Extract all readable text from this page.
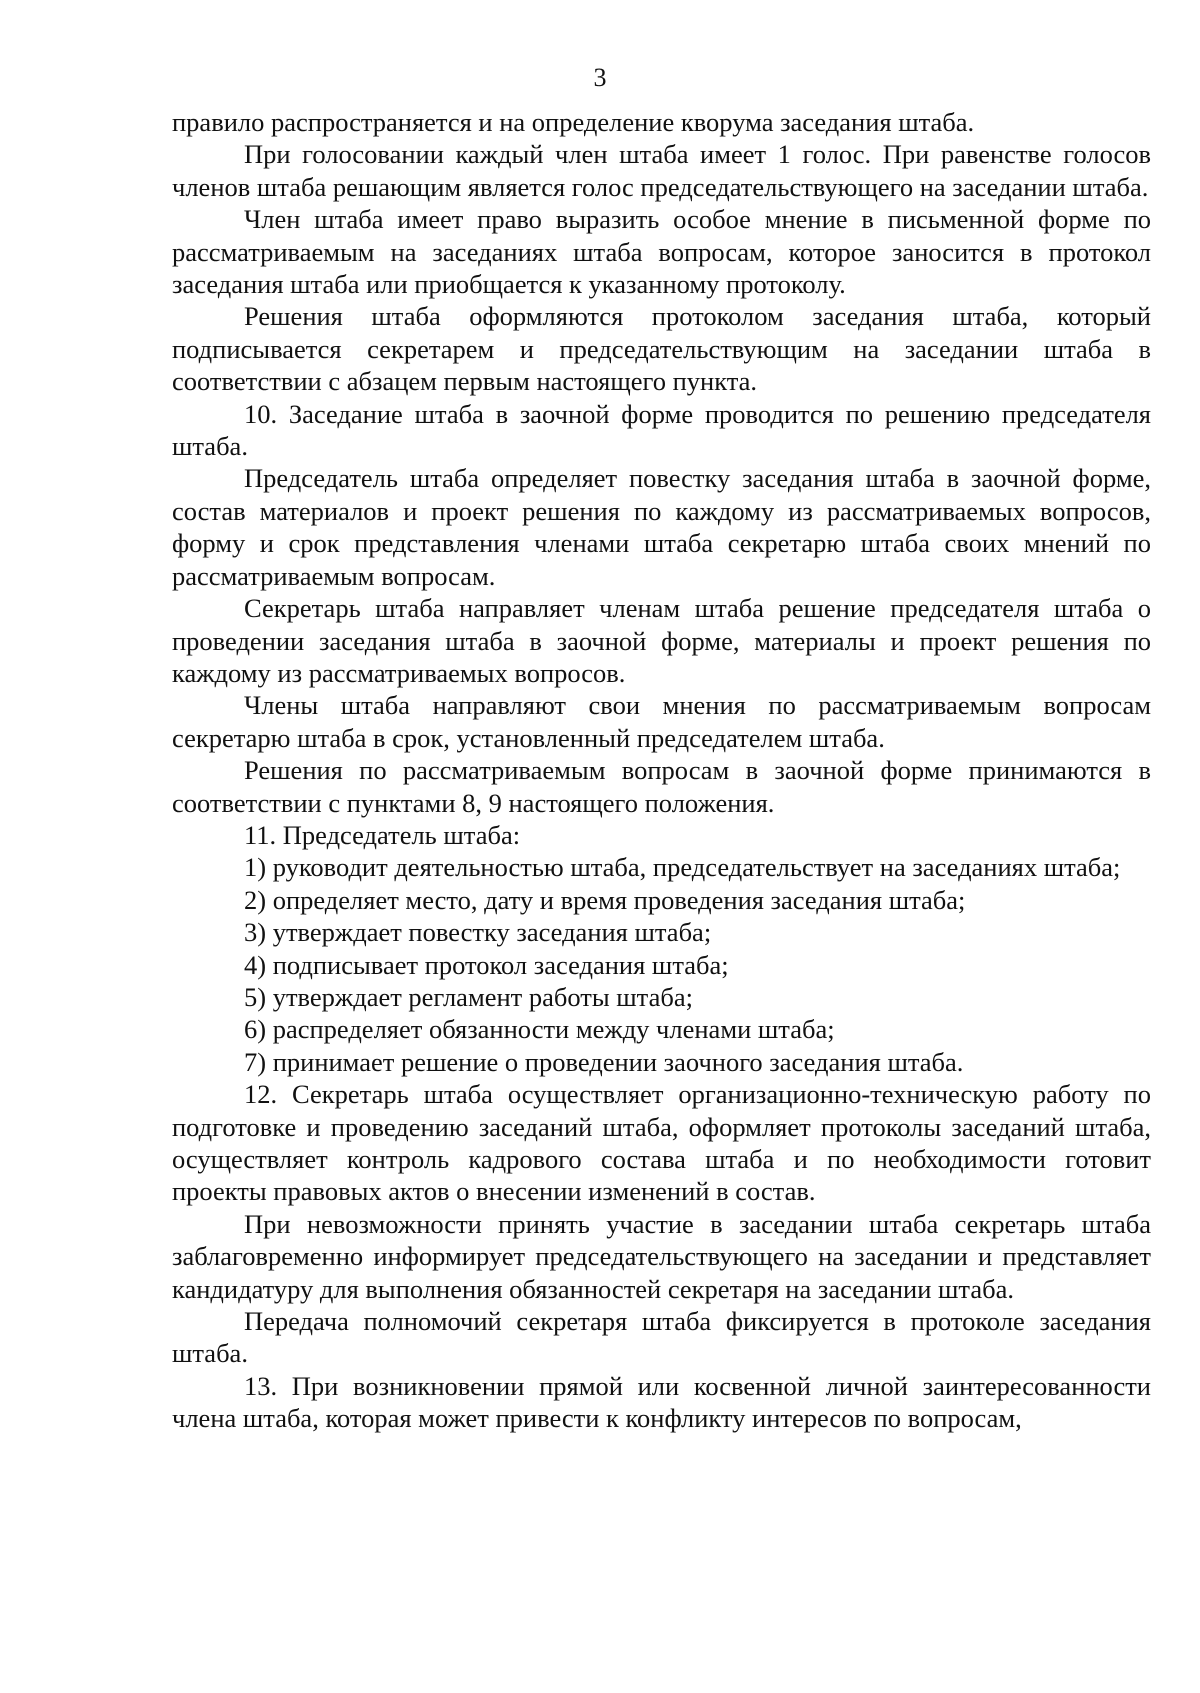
3

правило распространяется и на определение кворума заседания штаба.

При голосовании каждый член штаба имеет 1 голос. При равенстве голосов членов штаба решающим является голос председательствующего на заседании штаба.

Член штаба имеет право выразить особое мнение в письменной форме по рассматриваемым на заседаниях штаба вопросам, которое заносится в протокол заседания штаба или приобщается к указанному протоколу.

Решения штаба оформляются протоколом заседания штаба, который подписывается секретарем и председательствующим на заседании штаба в соответствии с абзацем первым настоящего пункта.

10. Заседание штаба в заочной форме проводится по решению председателя штаба.

Председатель штаба определяет повестку заседания штаба в заочной форме, состав материалов и проект решения по каждому из рассматриваемых вопросов, форму и срок представления членами штаба секретарю штаба своих мнений по рассматриваемым вопросам.

Секретарь штаба направляет членам штаба решение председателя штаба о проведении заседания штаба в заочной форме, материалы и проект решения по каждому из рассматриваемых вопросов.

Члены штаба направляют свои мнения по рассматриваемым вопросам секретарю штаба в срок, установленный председателем штаба.

Решения по рассматриваемым вопросам в заочной форме принимаются в соответствии с пунктами 8, 9 настоящего положения.

11. Председатель штаба:

1) руководит деятельностью штаба, председательствует на заседаниях штаба;

2) определяет место, дату и время проведения заседания штаба;

3) утверждает повестку заседания штаба;

4) подписывает протокол заседания штаба;

5) утверждает регламент работы штаба;

6) распределяет обязанности между членами штаба;

7) принимает решение о проведении заочного заседания штаба.

12. Секретарь штаба осуществляет организационно-техническую работу по подготовке и проведению заседаний штаба, оформляет протоколы заседаний штаба, осуществляет контроль кадрового состава штаба и по необходимости готовит проекты правовых актов о внесении изменений в состав.

При невозможности принять участие в заседании штаба секретарь штаба заблаговременно информирует председательствующего на заседании и представляет кандидатуру для выполнения обязанностей секретаря на заседании штаба.

Передача полномочий секретаря штаба фиксируется в протоколе заседания штаба.

13. При возникновении прямой или косвенной личной заинтересованности члена штаба, которая может привести к конфликту интересов по вопросам,
